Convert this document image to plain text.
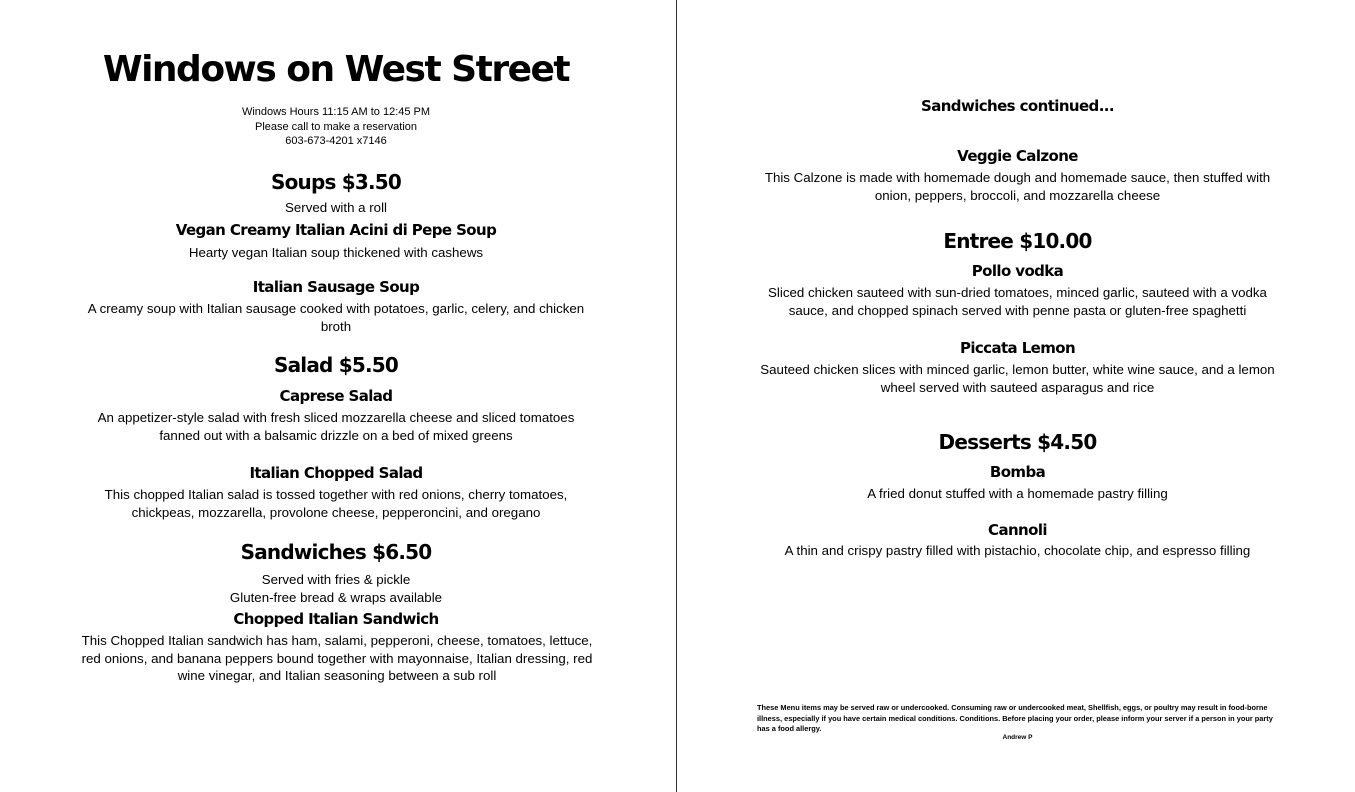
Windows on West Street
Windows Hours 11:15 AM to 12:45 PM
Please call to make a reservation
603-673-4201 x7146
Soups $3.50
Served with a roll
Vegan Creamy Italian Acini di Pepe Soup
Hearty vegan Italian soup thickened with cashews
Italian Sausage Soup
A creamy soup with Italian sausage cooked with potatoes, garlic, celery, and chicken broth
Salad $5.50
Caprese Salad
An appetizer-style salad with fresh sliced mozzarella cheese and sliced tomatoes fanned out with a balsamic drizzle on a bed of mixed greens
Italian Chopped Salad
This chopped Italian salad is tossed together with red onions, cherry tomatoes, chickpeas, mozzarella, provolone cheese, pepperoncini, and oregano
Sandwiches $6.50
Served with fries & pickle
Gluten-free bread & wraps available
Chopped Italian Sandwich
This Chopped Italian sandwich has ham, salami, pepperoni, cheese, tomatoes, lettuce, red onions, and banana peppers bound together with mayonnaise, Italian dressing, red wine vinegar, and Italian seasoning between a sub roll
Sandwiches continued...
Veggie Calzone
This Calzone is made with homemade dough and homemade sauce, then stuffed with onion, peppers, broccoli, and mozzarella cheese
Entree $10.00
Pollo vodka
Sliced chicken sauteed with sun-dried tomatoes, minced garlic, sauteed with a vodka sauce, and chopped spinach served with penne pasta or gluten-free spaghetti
Piccata Lemon
Sauteed chicken slices with minced garlic, lemon butter, white wine sauce, and a lemon wheel served with sauteed asparagus and rice
Desserts $4.50
Bomba
A fried donut stuffed with a homemade pastry filling
Cannoli
A thin and crispy pastry filled with pistachio, chocolate chip, and espresso filling
These Menu items may be served raw or undercooked. Consuming raw or undercooked meat, Shellfish, eggs, or poultry may result in food-borne illness, especially if you have certain medical conditions. Conditions. Before placing your order, please inform your server if a person in your party has a food allergy.
Andrew P
